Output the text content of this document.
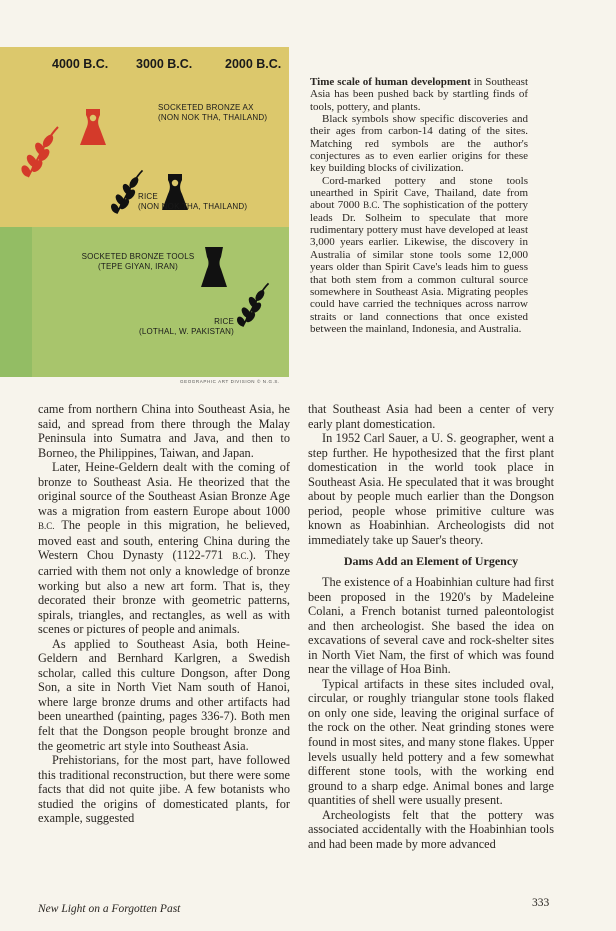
4000 B.C. 3000 B.C.	2000 B.C.
SOCKETED BRONZE AX
(NON NOK THA, THAILAND)
RICE
(NON NOK THA, THAILAND)
SOCKETED BRONZE TOOLS
(TEPE GIYAN, IRAN)
RICE
(LOTHAL, W. PAKISTAN)
GEOGRAPHIC ART DIVISION © N.G.S.

Time scale of human development in Southeast Asia has been pushed back by startling finds of tools, pottery, and plants.

Black symbols show specific discoveries and their ages from carbon-14 dating of the sites. Matching red symbols are the author's conjectures as to even earlier origins for these key building blocks of civilization.

Cord-marked pottery and stone tools unearthed in Spirit Cave, Thailand, date from about 7000 B.C. The sophistication of the pottery leads Dr. Solheim to speculate that more rudimentary pottery must have developed at least 3,000 years earlier. Likewise, the discovery in Australia of similar stone tools some 12,000 years older than Spirit Cave's leads him to guess that both stem from a common cultural source somewhere in Southeast Asia. Migrating peoples could have carried the techniques across narrow straits or land connections that once existed between the mainland, Indonesia, and Australia.

came from northern China into Southeast Asia, he said, and spread from there through the Malay Peninsula into Sumatra and Java, and then to Borneo, the Philippines, Taiwan, and Japan.

Later, Heine-Geldern dealt with the coming of bronze to Southeast Asia. He theorized that the original source of the Southeast Asian Bronze Age was a migration from eastern Europe about 1000 B.C. The people in this migration, he believed, moved east and south, entering China during the Western Chou Dynasty (1122-771 B.C.). They carried with them not only a knowledge of bronze working but also a new art form. That is, they decorated their bronze with geometric patterns, spirals, triangles, and rectangles, as well as with scenes or pictures of people and animals.

As applied to Southeast Asia, both Heine-Geldern and Bernhard Karlgren, a Swedish scholar, called this culture Dongson, after Dong Son, a site in North Viet Nam south of Hanoi, where large bronze drums and other artifacts had been unearthed (painting, pages 336-7). Both men felt that the Dongson people brought bronze and the geometric art style into Southeast Asia.

Prehistorians, for the most part, have followed this traditional reconstruction, but there were some facts that did not quite jibe. A few botanists who studied the origins of domesticated plants, for example, suggested

that Southeast Asia had been a center of very early plant domestication.

In 1952 Carl Sauer, a U. S. geographer, went a step further. He hypothesized that the first plant domestication in the world took place in Southeast Asia. He speculated that it was brought about by people much earlier than the Dongson period, people whose primitive culture was known as Hoabinhian. Archeologists did not immediately take up Sauer's theory.

Dams Add an Element of Urgency

The existence of a Hoabinhian culture had first been proposed in the 1920's by Madeleine Colani, a French botanist turned paleontologist and then archeologist. She based the idea on excavations of several cave and rock-shelter sites in North Viet Nam, the first of which was found near the village of Hoa Binh.

Typical artifacts in these sites included oval, circular, or roughly triangular stone tools flaked on only one side, leaving the original surface of the rock on the other. Neat grinding stones were found in most sites, and many stone flakes. Upper levels usually held pottery and a few somewhat different stone tools, with the working end ground to a sharp edge. Animal bones and large quantities of shell were usually present.

Archeologists felt that the pottery was associated accidentally with the Hoabinhian tools and had been made by more advanced

New Light on a Forgotten Past	333
